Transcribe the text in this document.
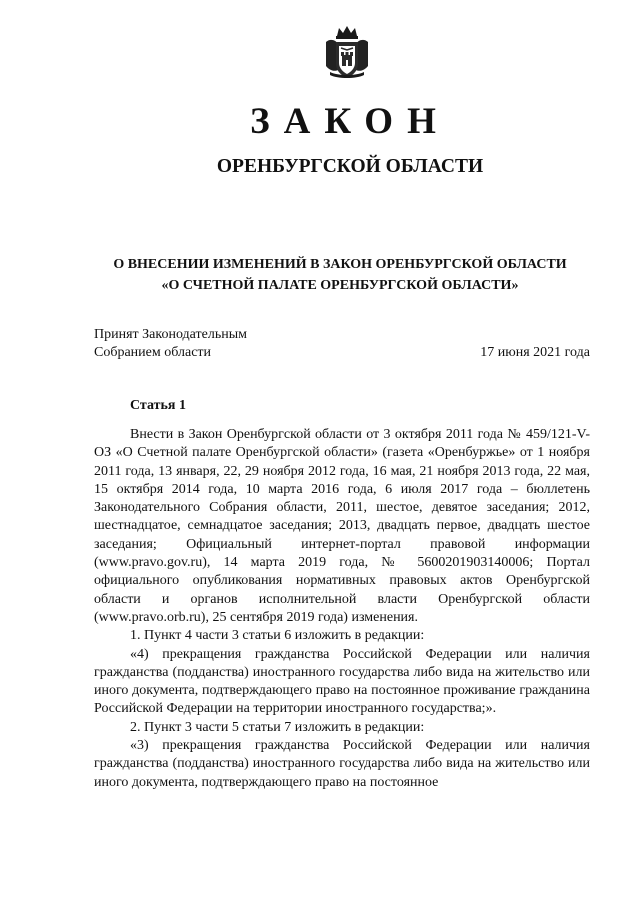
ЗАКОН
ОРЕНБУРГСКОЙ ОБЛАСТИ
О ВНЕСЕНИИ ИЗМЕНЕНИЙ В ЗАКОН ОРЕНБУРГСКОЙ ОБЛАСТИ
«О СЧЕТНОЙ ПАЛАТЕ ОРЕНБУРГСКОЙ ОБЛАСТИ»
Принят Законодательным
Собранием области	17 июня 2021 года
Статья 1

Внести в Закон Оренбургской области от 3 октября 2011 года № 459/121-V-ОЗ «О Счетной палате Оренбургской области» (газета «Оренбуржье» от 1 ноября 2011 года, 13 января, 22, 29 ноября 2012 года, 16 мая, 21 ноября 2013 года, 22 мая, 15 октября 2014 года, 10 марта 2016 года, 6 июля 2017 года – бюллетень Законодательного Собрания области, 2011, шестое, девятое заседания; 2012, шестнадцатое, семнадцатое заседания; 2013, двадцать первое, двадцать шестое заседания; Официальный интернет-портал правовой информации (www.pravo.gov.ru), 14 марта 2019 года, № 5600201903140006; Портал официального опубликования нормативных правовых актов Оренбургской области и органов исполнительной власти Оренбургской области (www.pravo.orb.ru), 25 сентября 2019 года) изменения.

1. Пункт 4 части 3 статьи 6 изложить в редакции:

«4) прекращения гражданства Российской Федерации или наличия гражданства (подданства) иностранного государства либо вида на жительство или иного документа, подтверждающего право на постоянное проживание гражданина Российской Федерации на территории иностранного государства;».

2. Пункт 3 части 5 статьи 7 изложить в редакции:

«3) прекращения гражданства Российской Федерации или наличия гражданства (подданства) иностранного государства либо вида на жительство или иного документа, подтверждающего право на постоянное
